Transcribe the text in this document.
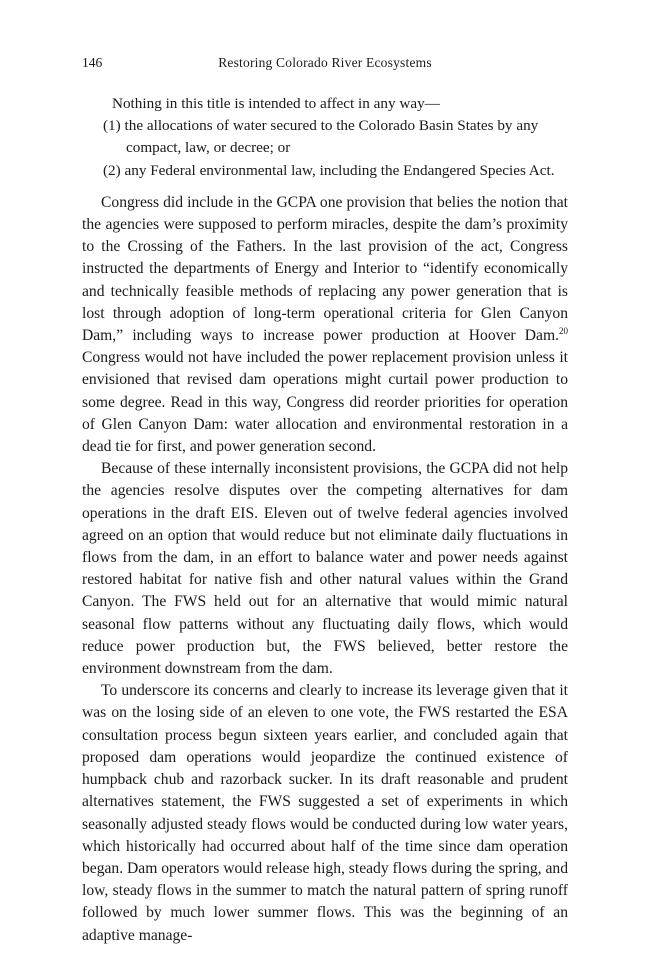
146	Restoring Colorado River Ecosystems

Nothing in this title is intended to affect in any way—

(1) the allocations of water secured to the Colorado Basin States by any compact, law, or decree; or

(2) any Federal environmental law, including the Endangered Species Act.

Congress did include in the GCPA one provision that belies the notion that the agencies were supposed to perform miracles, despite the dam’s proximity to the Crossing of the Fathers. In the last provision of the act, Congress instructed the departments of Energy and Interior to “identify economically and technically feasible methods of replacing any power generation that is lost through adoption of long-term operational criteria for Glen Canyon Dam,” including ways to increase power production at Hoover Dam.$^{20}$ Congress would not have included the power replacement provision unless it envisioned that revised dam operations might curtail power production to some degree. Read in this way, Congress did reorder priorities for operation of Glen Canyon Dam: water allocation and environmental restoration in a dead tie for first, and power generation second.

Because of these internally inconsistent provisions, the GCPA did not help the agencies resolve disputes over the competing alternatives for dam operations in the draft EIS. Eleven out of twelve federal agencies involved agreed on an option that would reduce but not eliminate daily fluctuations in flows from the dam, in an effort to balance water and power needs against restored habitat for native fish and other natural values within the Grand Canyon. The FWS held out for an alternative that would mimic natural seasonal flow patterns without any fluctuating daily flows, which would reduce power production but, the FWS believed, better restore the environment downstream from the dam.

To underscore its concerns and clearly to increase its leverage given that it was on the losing side of an eleven to one vote, the FWS restarted the ESA consultation process begun sixteen years earlier, and concluded again that proposed dam operations would jeopardize the continued existence of humpback chub and razorback sucker. In its draft reasonable and prudent alternatives statement, the FWS suggested a set of experiments in which seasonally adjusted steady flows would be conducted during low water years, which historically had occurred about half of the time since dam operation began. Dam operators would release high, steady flows during the spring, and low, steady flows in the summer to match the natural pattern of spring runoff followed by much lower summer flows. This was the beginning of an adaptive manage-
